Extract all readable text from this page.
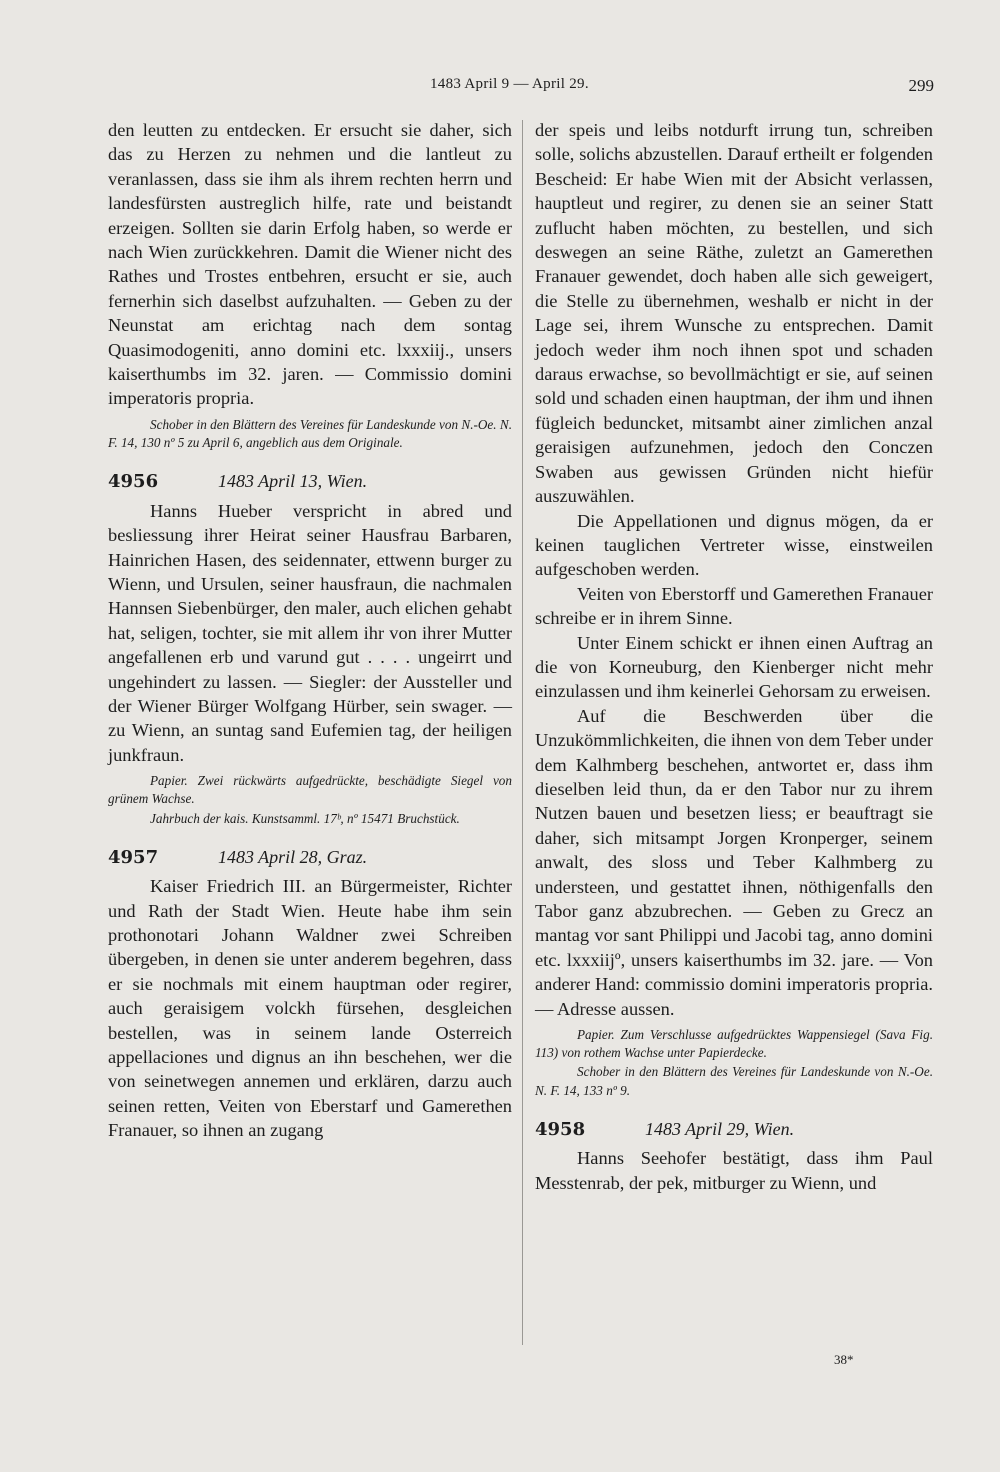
1483 April 9 — April 29.	299

den leutten zu entdecken. Er ersucht sie daher, sich das zu Herzen zu nehmen und die lantleut zu veranlassen, dass sie ihm als ihrem rechten herrn und landesfürsten austreglich hilfe, rate und beistandt erzeigen. Sollten sie darin Erfolg haben, so werde er nach Wien zurückkehren. Damit die Wiener nicht des Rathes und Trostes entbehren, ersucht er sie, auch fernerhin sich daselbst aufzuhalten. — Geben zu der Neunstat am erichtag nach dem sontag Quasimodogeniti, anno domini etc. lxxxiij., unsers kaiserthumbs im 32. jaren. — Commissio domini imperatoris propria.

Schober in den Blättern des Vereines für Landeskunde von N.-Oe. N. F. 14, 130 nº 5 zu April 6, angeblich aus dem Originale.

4956	1483 April 13, Wien.

Hanns Hueber verspricht in abred und besliessung ihrer Heirat seiner Hausfrau Barbaren, Hainrichen Hasen, des seidennater, ettwenn burger zu Wienn, und Ursulen, seiner hausfraun, die nachmalen Hannsen Siebenbürger, den maler, auch elichen gehabt hat, seligen, tochter, sie mit allem ihr von ihrer Mutter angefallenen erb und varund gut . . . . ungeirrt und ungehindert zu lassen. — Siegler: der Aussteller und der Wiener Bürger Wolfgang Hürber, sein swager. — zu Wienn, an suntag sand Eufemien tag, der heiligen junkfraun.

Papier. Zwei rückwärts aufgedrückte, beschädigte Siegel von grünem Wachse.

Jahrbuch der kais. Kunstsamml. 17ᵇ, nº 15471 Bruchstück.

4957	1483 April 28, Graz.

Kaiser Friedrich III. an Bürgermeister, Richter und Rath der Stadt Wien. Heute habe ihm sein prothonotari Johann Waldner zwei Schreiben übergeben, in denen sie unter anderem begehren, dass er sie nochmals mit einem hauptman oder regirer, auch geraisigem volckh fürsehen, desgleichen bestellen, was in seinem lande Osterreich appellaciones und dignus an ihn beschehen, wer die von seinetwegen annemen und erklären, darzu auch seinen retten, Veiten von Eberstarf und Gamerethen Franauer, so ihnen an zugang

der speis und leibs notdurft irrung tun, schreiben solle, solichs abzustellen. Darauf ertheilt er folgenden Bescheid: Er habe Wien mit der Absicht verlassen, hauptleut und regirer, zu denen sie an seiner Statt zuflucht haben möchten, zu bestellen, und sich deswegen an seine Räthe, zuletzt an Gamerethen Franauer gewendet, doch haben alle sich geweigert, die Stelle zu übernehmen, weshalb er nicht in der Lage sei, ihrem Wunsche zu entsprechen. Damit jedoch weder ihm noch ihnen spot und schaden daraus erwachse, so bevollmächtigt er sie, auf seinen sold und schaden einen hauptman, der ihm und ihnen fügleich beduncket, mitsambt ainer zimlichen anzal geraisigen aufzunehmen, jedoch den Conczen Swaben aus gewissen Gründen nicht hiefür auszuwählen.

Die Appellationen und dignus mögen, da er keinen tauglichen Vertreter wisse, einstweilen aufgeschoben werden.

Veiten von Eberstorff und Gamerethen Franauer schreibe er in ihrem Sinne.

Unter Einem schickt er ihnen einen Auftrag an die von Korneuburg, den Kienberger nicht mehr einzulassen und ihm keinerlei Gehorsam zu erweisen.

Auf die Beschwerden über die Unzukömmlichkeiten, die ihnen von dem Teber under dem Kalhmberg beschehen, antwortet er, dass ihm dieselben leid thun, da er den Tabor nur zu ihrem Nutzen bauen und besetzen liess; er beauftragt sie daher, sich mitsampt Jorgen Kronperger, seinem anwalt, des sloss und Teber Kalhmberg zu understeen, und gestattet ihnen, nöthigenfalls den Tabor ganz abzubrechen. — Geben zu Grecz an mantag vor sant Philippi und Jacobi tag, anno domini etc. lxxxiijº, unsers kaiserthumbs im 32. jare. — Von anderer Hand: commissio domini imperatoris propria. — Adresse aussen.

Papier. Zum Verschlusse aufgedrücktes Wappensiegel (Sava Fig. 113) von rothem Wachse unter Papierdecke.

Schober in den Blättern des Vereines für Landeskunde von N.-Oe. N. F. 14, 133 nº 9.

4958	1483 April 29, Wien.

Hanns Seehofer bestätigt, dass ihm Paul Messtenrab, der pek, mitburger zu Wienn, und

38*
